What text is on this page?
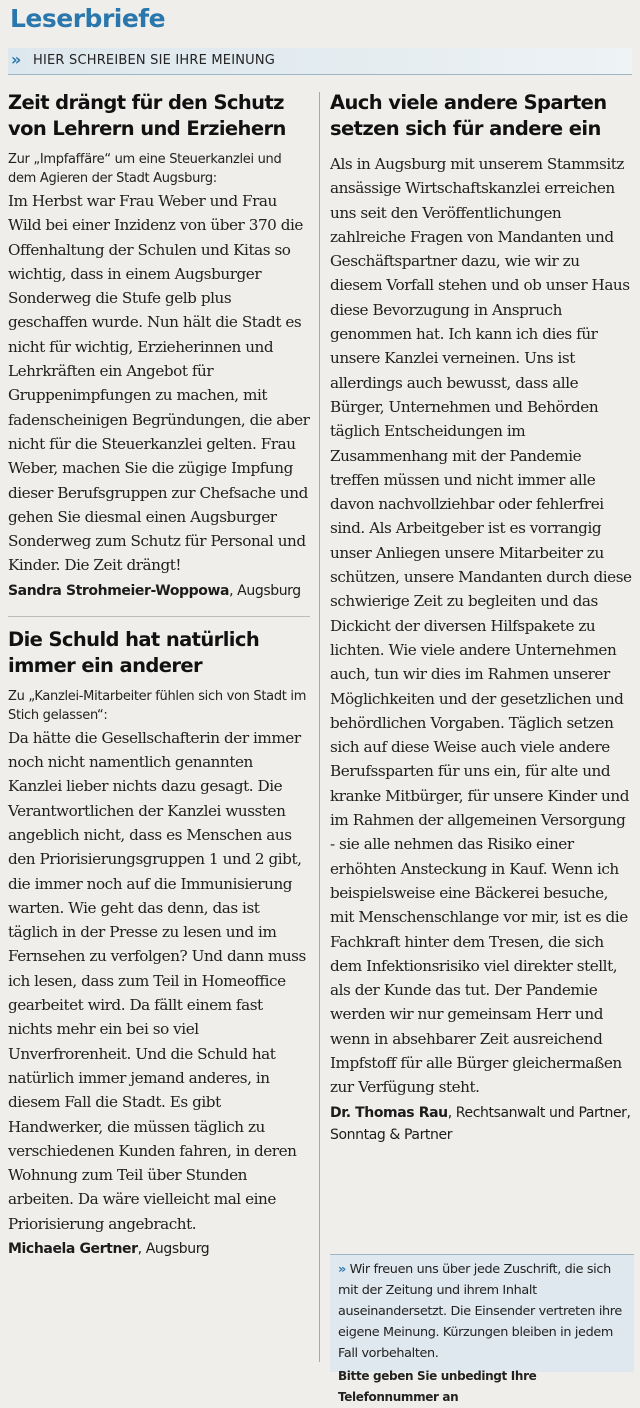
Leserbriefe
» HIER SCHREIBEN SIE IHRE MEINUNG
Zeit drängt für den Schutz von Lehrern und Erziehern
Zur „Impfaffäre“ um eine Steuerkanzlei und dem Agieren der Stadt Augsburg:

Im Herbst war Frau Weber und Frau Wild bei einer Inzidenz von über 370 die Offenhaltung der Schulen und Kitas so wichtig, dass in einem Augsburger Sonderweg die Stufe gelb plus geschaffen wurde. Nun hält die Stadt es nicht für wichtig, Erzieherinnen und Lehrkräften ein Angebot für Gruppenimpfungen zu machen, mit fadenscheinigen Begründungen, die aber nicht für die Steuerkanzlei gelten. Frau Weber, machen Sie die zügige Impfung dieser Berufsgruppen zur Chefsache und gehen Sie diesmal einen Augsburger Sonderweg zum Schutz für Personal und Kinder. Die Zeit drängt!

Sandra Strohmeier-Woppowa, Augsburg
Die Schuld hat natürlich immer ein anderer
Zu „Kanzlei-Mitarbeiter fühlen sich von Stadt im Stich gelassen“:

Da hätte die Gesellschafterin der immer noch nicht namentlich genannten Kanzlei lieber nichts dazu gesagt. Die Verantwortlichen der Kanzlei wussten angeblich nicht, dass es Menschen aus den Priorisierungsgruppen 1 und 2 gibt, die immer noch auf die Immunisierung warten. Wie geht das denn, das ist täglich in der Presse zu lesen und im Fernsehen zu verfolgen? Und dann muss ich lesen, dass zum Teil in Homeoffice gearbeitet wird. Da fällt einem fast nichts mehr ein bei so viel Unverfrorenheit. Und die Schuld hat natürlich immer jemand anderes, in diesem Fall die Stadt. Es gibt Handwerker, die müssen täglich zu verschiedenen Kunden fahren, in deren Wohnung zum Teil über Stunden arbeiten. Da wäre vielleicht mal eine Priorisierung angebracht.

Michaela Gertner, Augsburg
Auch viele andere Sparten setzen sich für andere ein

Als in Augsburg mit unserem Stammsitz ansässige Wirtschaftskanzlei erreichen uns seit den Veröffentlichungen zahlreiche Fragen von Mandanten und Geschäftspartner dazu, wie wir zu diesem Vorfall stehen und ob unser Haus diese Bevorzugung in Anspruch genommen hat. Ich kann ich dies für unsere Kanzlei verneinen. Uns ist allerdings auch bewusst, dass alle Bürger, Unternehmen und Behörden täglich Entscheidungen im Zusammenhang mit der Pandemie treffen müssen und nicht immer alle davon nachvollziehbar oder fehlerfrei sind. Als Arbeitgeber ist es vorrangig unser Anliegen unsere Mitarbeiter zu schützen, unsere Mandanten durch diese schwierige Zeit zu begleiten und das Dickicht der diversen Hilfspakete zu lichten. Wie viele andere Unternehmen auch, tun wir dies im Rahmen unserer Möglichkeiten und der gesetzlichen und behördlichen Vorgaben. Täglich setzen sich auf diese Weise auch viele andere Berufssparten für uns ein, für alte und kranke Mitbürger, für unsere Kinder und im Rahmen der allgemeinen Versorgung - sie alle nehmen das Risiko einer erhöhten Ansteckung in Kauf. Wenn ich beispielsweise eine Bäckerei besuche, mit Menschenschlange vor mir, ist es die Fachkraft hinter dem Tresen, die sich dem Infektionsrisiko viel direkter stellt, als der Kunde das tut. Der Pandemie werden wir nur gemeinsam Herr und wenn in absehbarer Zeit ausreichend Impfstoff für alle Bürger gleichermaßen zur Verfügung steht.

Dr. Thomas Rau, Rechtsanwalt und Partner, Sonntag & Partner
» Wir freuen uns über jede Zuschrift, die sich mit der Zeitung und ihrem Inhalt auseinandersetzt. Die Einsender vertreten ihre eigene Meinung. Kürzungen bleiben in jedem Fall vorbehalten.
Bitte geben Sie unbedingt Ihre Telefonnummer an
